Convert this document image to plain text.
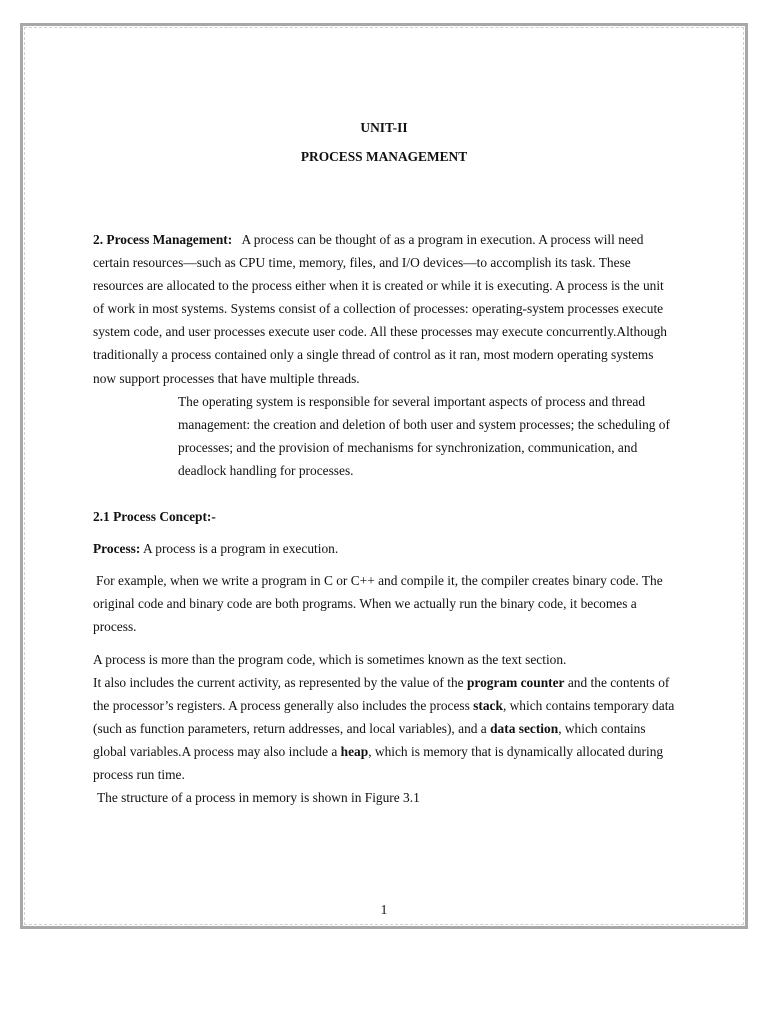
UNIT-II

PROCESS MANAGEMENT

2. Process Management: A process can be thought of as a program in execution. A process will need certain resources—such as CPU time, memory, files, and I/O devices—to accomplish its task. These resources are allocated to the process either when it is created or while it is executing. A process is the unit of work in most systems. Systems consist of a collection of processes: operating-system processes execute system code, and user processes execute user code. All these processes may execute concurrently.Although traditionally a process contained only a single thread of control as it ran, most modern operating systems now support processes that have multiple threads.

The operating system is responsible for several important aspects of process and thread management: the creation and deletion of both user and system processes; the scheduling of processes; and the provision of mechanisms for synchronization, communication, and deadlock handling for processes.

2.1 Process Concept:-

Process: A process is a program in execution.

For example, when we write a program in C or C++ and compile it, the compiler creates binary code. The original code and binary code are both programs. When we actually run the binary code, it becomes a process.

A process is more than the program code, which is sometimes known as the text section.

It also includes the current activity, as represented by the value of the program counter and the contents of the processor’s registers. A process generally also includes the process stack, which contains temporary data (such as function parameters, return addresses, and local variables), and a data section, which contains global variables.A process may also include a heap, which is memory that is dynamically allocated during process run time.

The structure of a process in memory is shown in Figure 3.1

1
